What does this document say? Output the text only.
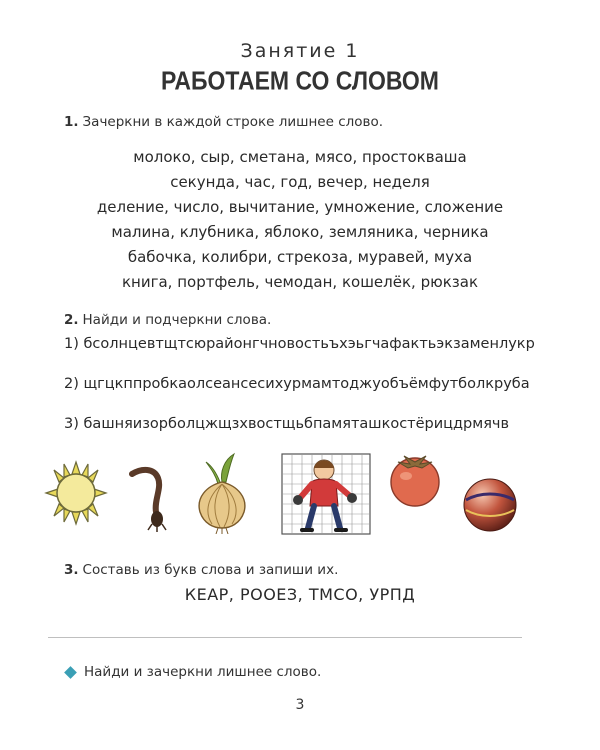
Занятие 1
РАБОТАЕМ СО СЛОВОМ
1. Зачеркни в каждой строке лишнее слово.
молоко, сыр, сметана, мясо, простокваша
секунда, час, год, вечер, неделя
деление, число, вычитание, умножение, сложение
малина, клубника, яблоко, земляника, черника
бабочка, колибри, стрекоза, муравей, муха
книга, портфель, чемодан, кошелёк, рюкзак
2. Найди и подчеркни слова.
1) бсолнцевтщтсюрайонгчновостьъхэьгчафактьэкзаменлукр
2) щгцкппробкаолсеансесихурмамтоджуобъёмфутболкруба
3) башняизорболцжщзхвостщьбпамяташкостёрицдрмячв
3. Составь из букв слова и запиши их.
КЕАР, РООЕЗ, ТМСО, УРПД
Найди и зачеркни лишнее слово.
3
